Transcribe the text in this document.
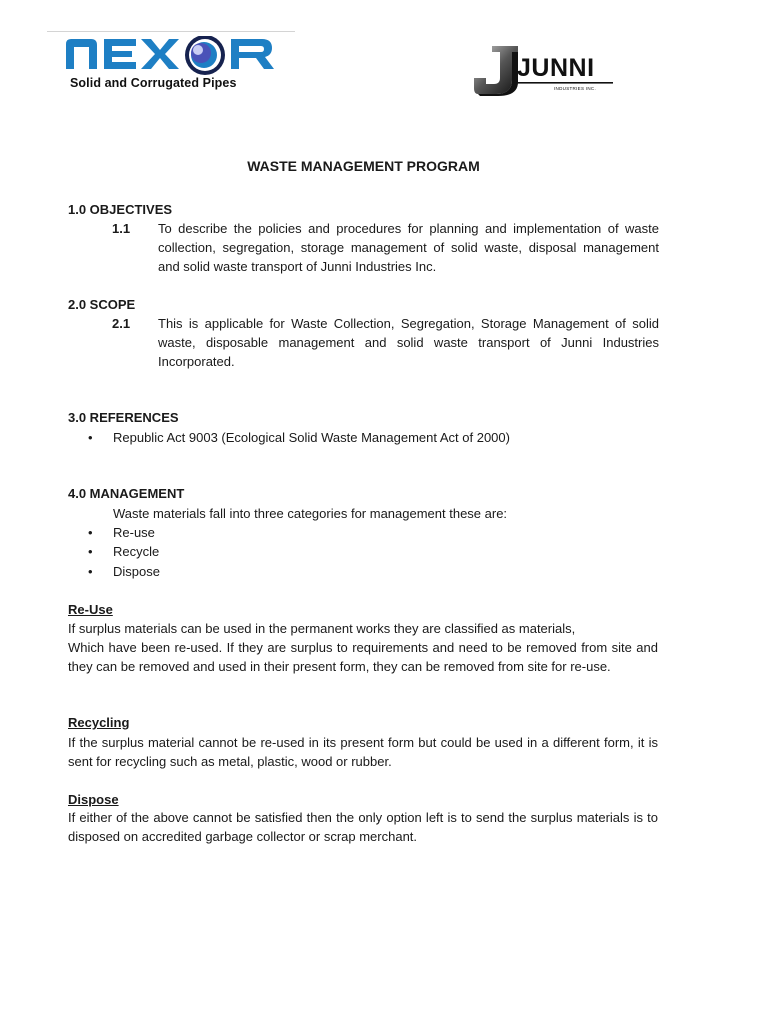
Solid and Corrugated Pipes
JUNNI
INDUSTRIES INC.
WASTE MANAGEMENT PROGRAM
1.0 OBJECTIVES
1.1 To describe the policies and procedures for planning and implementation of waste collection, segregation, storage management of solid waste, disposal management and solid waste transport of Junni Industries Inc.
2.0 SCOPE
2.1 This is applicable for Waste Collection, Segregation, Storage Management of solid waste, disposable management and solid waste transport of Junni Industries Incorporated.
3.0 REFERENCES
• Republic Act 9003 (Ecological Solid Waste Management Act of 2000)
4.0 MANAGEMENT
Waste materials fall into three categories for management these are:
• Re-use
• Recycle
• Dispose
Re-Use
If surplus materials can be used in the permanent works they are classified as materials,
Which have been re-used. If they are surplus to requirements and need to be removed from site and they can be removed and used in their present form, they can be removed from site for re-use.
Recycling
If the surplus material cannot be re-used in its present form but could be used in a different form, it is sent for recycling such as metal, plastic, wood or rubber.
Dispose
If either of the above cannot be satisfied then the only option left is to send the surplus materials is to disposed on accredited garbage collector or scrap merchant.
